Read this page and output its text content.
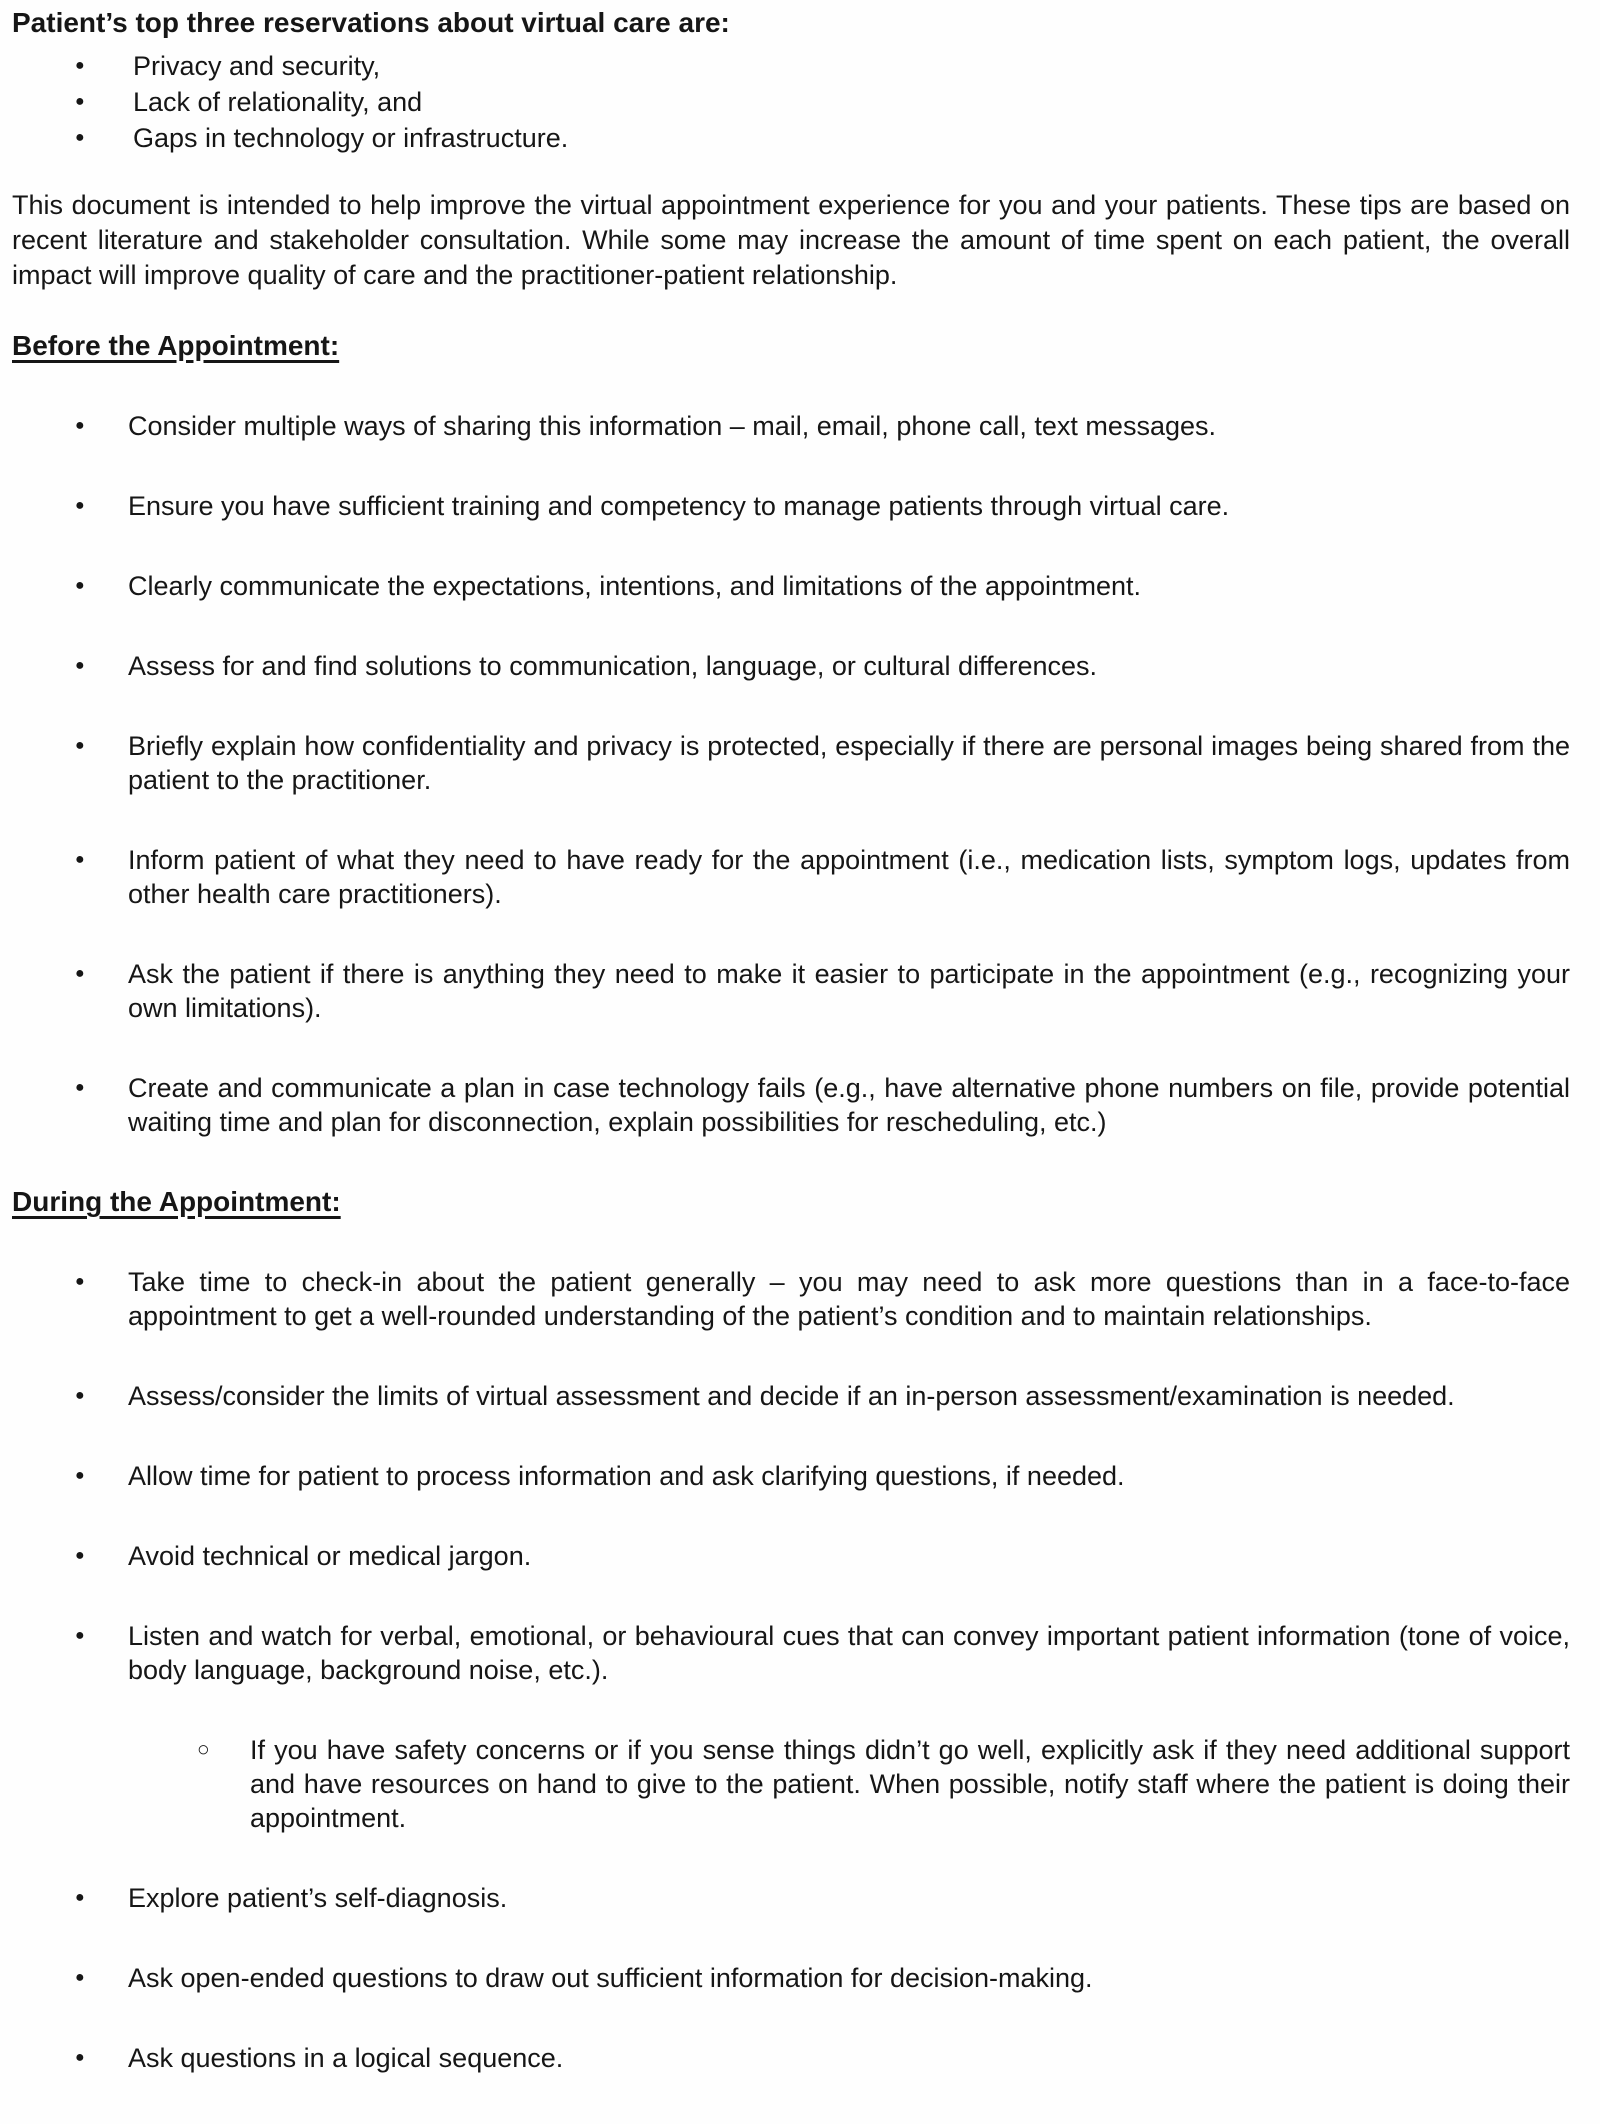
Patient’s top three reservations about virtual care are:

● Privacy and security,
● Lack of relationality, and
● Gaps in technology or infrastructure.

This document is intended to help improve the virtual appointment experience for you and your patients. These tips are based on recent literature and stakeholder consultation. While some may increase the amount of time spent on each patient, the overall impact will improve quality of care and the practitioner-patient relationship.

Before the Appointment:
● Consider multiple ways of sharing this information – mail, email, phone call, text messages.
● Ensure you have sufficient training and competency to manage patients through virtual care.
● Clearly communicate the expectations, intentions, and limitations of the appointment.
● Assess for and find solutions to communication, language, or cultural differences.
● Briefly explain how confidentiality and privacy is protected, especially if there are personal images being shared from the patient to the practitioner.
● Inform patient of what they need to have ready for the appointment (i.e., medication lists, symptom logs, updates from other health care practitioners).
● Ask the patient if there is anything they need to make it easier to participate in the appointment (e.g., recognizing your own limitations).
● Create and communicate a plan in case technology fails (e.g., have alternative phone numbers on file, provide potential waiting time and plan for disconnection, explain possibilities for rescheduling, etc.)
During the Appointment:
● Take time to check-in about the patient generally – you may need to ask more questions than in a face-to-face appointment to get a well-rounded understanding of the patient’s condition and to maintain relationships.
● Assess/consider the limits of virtual assessment and decide if an in-person assessment/examination is needed.
● Allow time for patient to process information and ask clarifying questions, if needed.
● Avoid technical or medical jargon.
● Listen and watch for verbal, emotional, or behavioural cues that can convey important patient information (tone of voice, body language, background noise, etc.).
○ If you have safety concerns or if you sense things didn’t go well, explicitly ask if they need additional support and have resources on hand to give to the patient. When possible, notify staff where the patient is doing their appointment.
● Explore patient’s self-diagnosis.
● Ask open-ended questions to draw out sufficient information for decision-making.
● Ask questions in a logical sequence.
